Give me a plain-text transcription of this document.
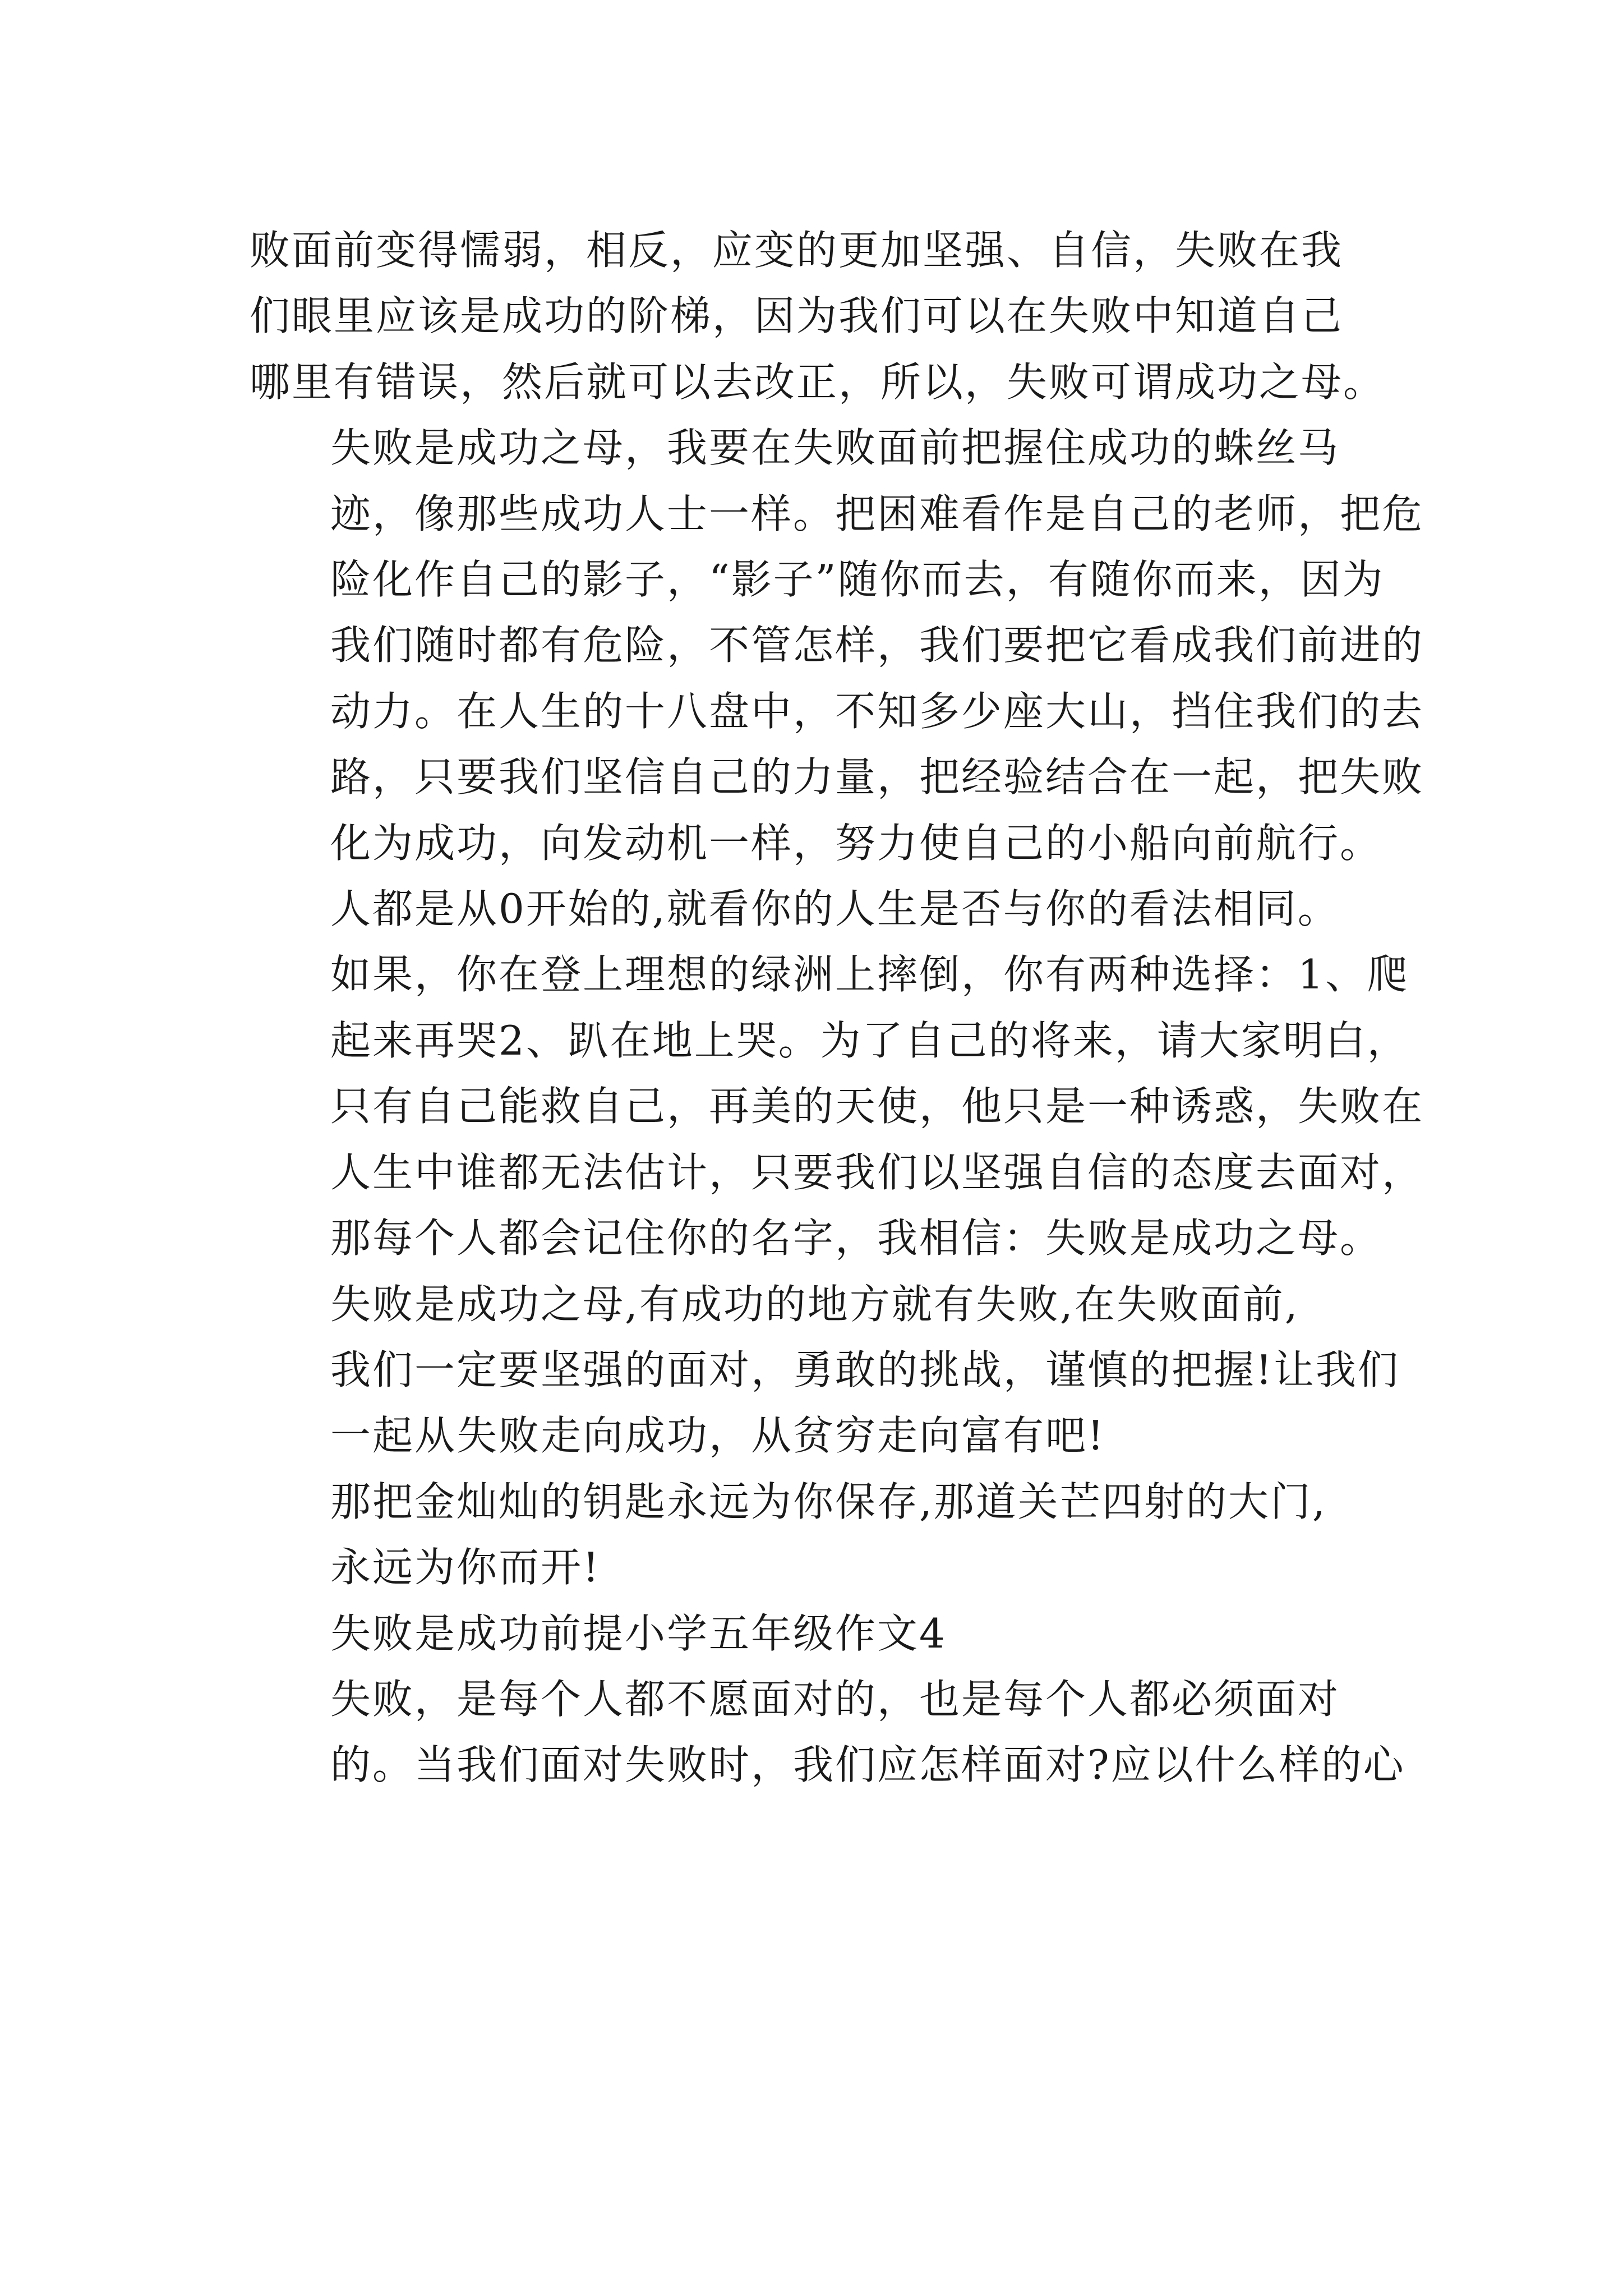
败面前变得懦弱，相反，应变的更加坚强、自信，失败在我
们眼里应该是成功的阶梯，因为我们可以在失败中知道自己
哪里有错误，然后就可以去改正，所以，失败可谓成功之母。

失败是成功之母，我要在失败面前把握住成功的蛛丝马
迹，像那些成功人士一样。把困难看作是自己的老师，把危
险化作自己的影子，“影子”随你而去，有随你而来，因为
我们随时都有危险，不管怎样，我们要把它看成我们前进的
动力。在人生的十八盘中，不知多少座大山，挡住我们的去
路，只要我们坚信自己的力量，把经验结合在一起，把失败
化为成功，向发动机一样，努力使自己的小船向前航行。

人都是从0开始的,就看你的人生是否与你的看法相同。
如果，你在登上理想的绿洲上摔倒，你有两种选择：1、爬
起来再哭2、趴在地上哭。为了自己的将来，请大家明白，
只有自己能救自己，再美的天使，他只是一种诱惑，失败在
人生中谁都无法估计，只要我们以坚强自信的态度去面对，
那每个人都会记住你的名字，我相信：失败是成功之母。

失败是成功之母,有成功的地方就有失败,在失败面前,
我们一定要坚强的面对，勇敢的挑战，谨慎的把握!让我们
一起从失败走向成功，从贫穷走向富有吧!

那把金灿灿的钥匙永远为你保存,那道关芒四射的大门,
永远为你而开!

失败是成功前提小学五年级作文4

失败，是每个人都不愿面对的，也是每个人都必须面对
的。当我们面对失败时，我们应怎样面对?应以什么样的心
